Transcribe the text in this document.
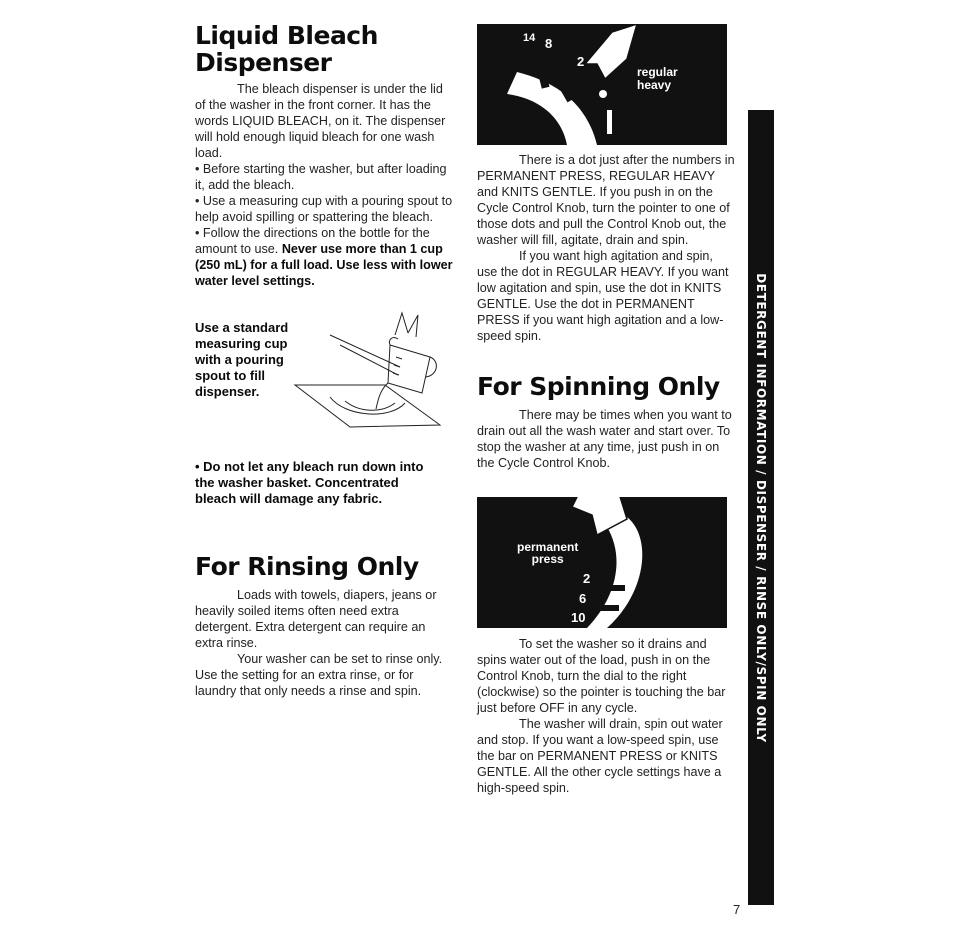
Liquid Bleach
Dispenser

The bleach dispenser is under the lid of the washer in the front corner. It has the words LIQUID BLEACH, on it. The dispenser will hold enough liquid bleach for one wash load.

• Before starting the washer, but after loading it, add the bleach.

• Use a measuring cup with a pouring spout to help avoid spilling or spattering the bleach.

• Follow the directions on the bottle for the amount to use. Never use more than 1 cup (250 mL) for a full load. Use less with lower water level settings.

Use a standard measuring cup with a pouring spout to fill dispenser.
• Do not let any bleach run down into the washer basket. Concentrated bleach will damage any fabric.
For Rinsing Only

Loads with towels, diapers, jeans or heavily soiled items often need extra detergent. Extra detergent can require an extra rinse.

Your washer can be set to rinse only. Use the setting for an extra rinse, or for laundry that only needs a rinse and spin.

14 8
2
regular
heavy

There is a dot just after the numbers in PERMANENT PRESS, REGULAR HEAVY and KNITS GENTLE. If you push in on the Cycle Control Knob, turn the pointer to one of those dots and pull the Control Knob out, the washer will fill, agitate, drain and spin.

If you want high agitation and spin, use the dot in REGULAR HEAVY. If you want low agitation and spin, use the dot in KNITS GENTLE. Use the dot in PERMANENT PRESS if you want high agitation and a low-speed spin.

For Spinning Only

There may be times when you want to drain out all the wash water and start over. To stop the washer at any time, just push in on the Cycle Control Knob.

permanent
press
2
6
10

To set the washer so it drains and spins water out of the load, push in on the Control Knob, turn the dial to the right (clockwise) so the pointer is touching the bar just before OFF in any cycle.

The washer will drain, spin out water and stop. If you want a low-speed spin, use the bar on PERMANENT PRESS or KNITS GENTLE. All the other cycle settings have a high-speed spin.

DETERGENT INFORMATION / DISPENSER / RINSE ONLY/SPIN ONLY
7
